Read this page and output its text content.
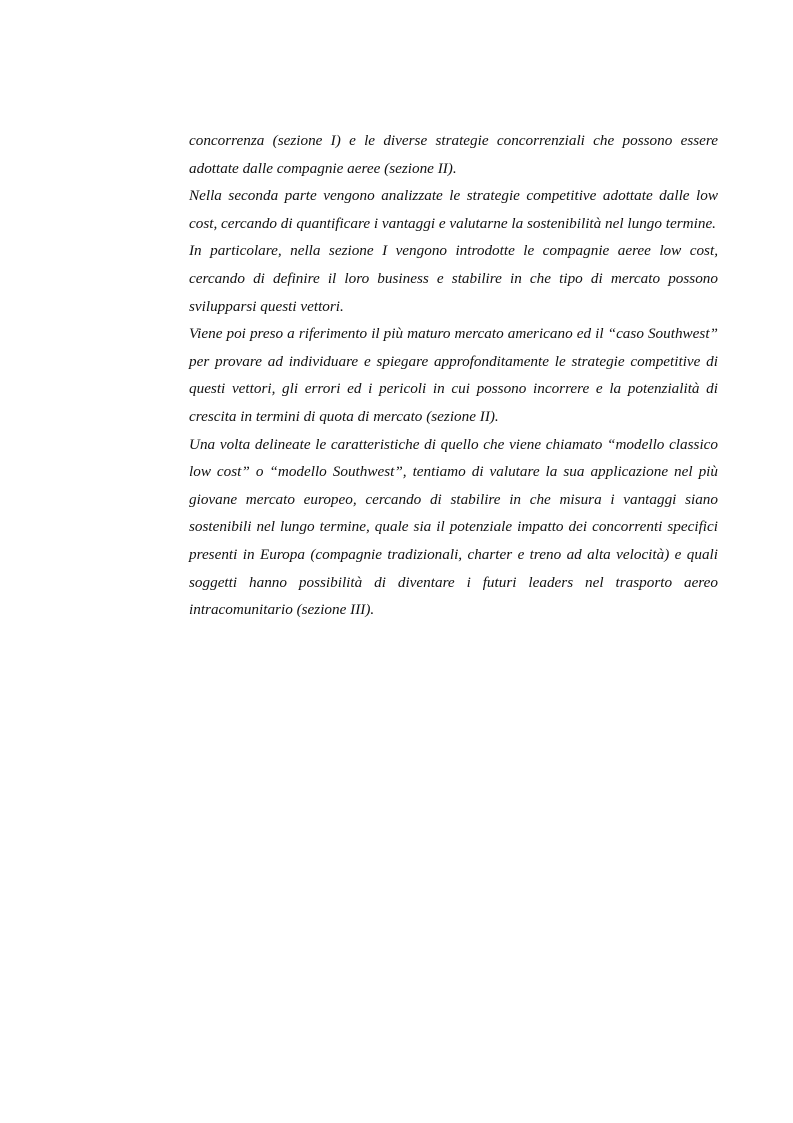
concorrenza (sezione I) e le diverse strategie concorrenziali che possono essere adottate dalle compagnie aeree (sezione II).

Nella seconda parte vengono analizzate le strategie competitive adottate dalle low cost, cercando di quantificare i vantaggi e valutarne la sostenibilità nel lungo termine.

In particolare, nella sezione I vengono introdotte le compagnie aeree low cost, cercando di definire il loro business e stabilire in che tipo di mercato possono svilupparsi questi vettori.

Viene poi preso a riferimento il più maturo mercato americano ed il “caso Southwest” per provare ad individuare e spiegare approfonditamente le strategie competitive di questi vettori, gli errori ed i pericoli in cui possono incorrere e la potenzialità di crescita in termini di quota di mercato (sezione II).

Una volta delineate le caratteristiche di quello che viene chiamato “modello classico low cost” o “modello Southwest”, tentiamo di valutare la sua applicazione nel più giovane mercato europeo, cercando di stabilire in che misura i vantaggi siano sostenibili nel lungo termine, quale sia il potenziale impatto dei concorrenti specifici presenti in Europa (compagnie tradizionali, charter e treno ad alta velocità) e quali soggetti hanno possibilità di diventare i futuri leaders nel trasporto aereo intracomunitario (sezione III).
